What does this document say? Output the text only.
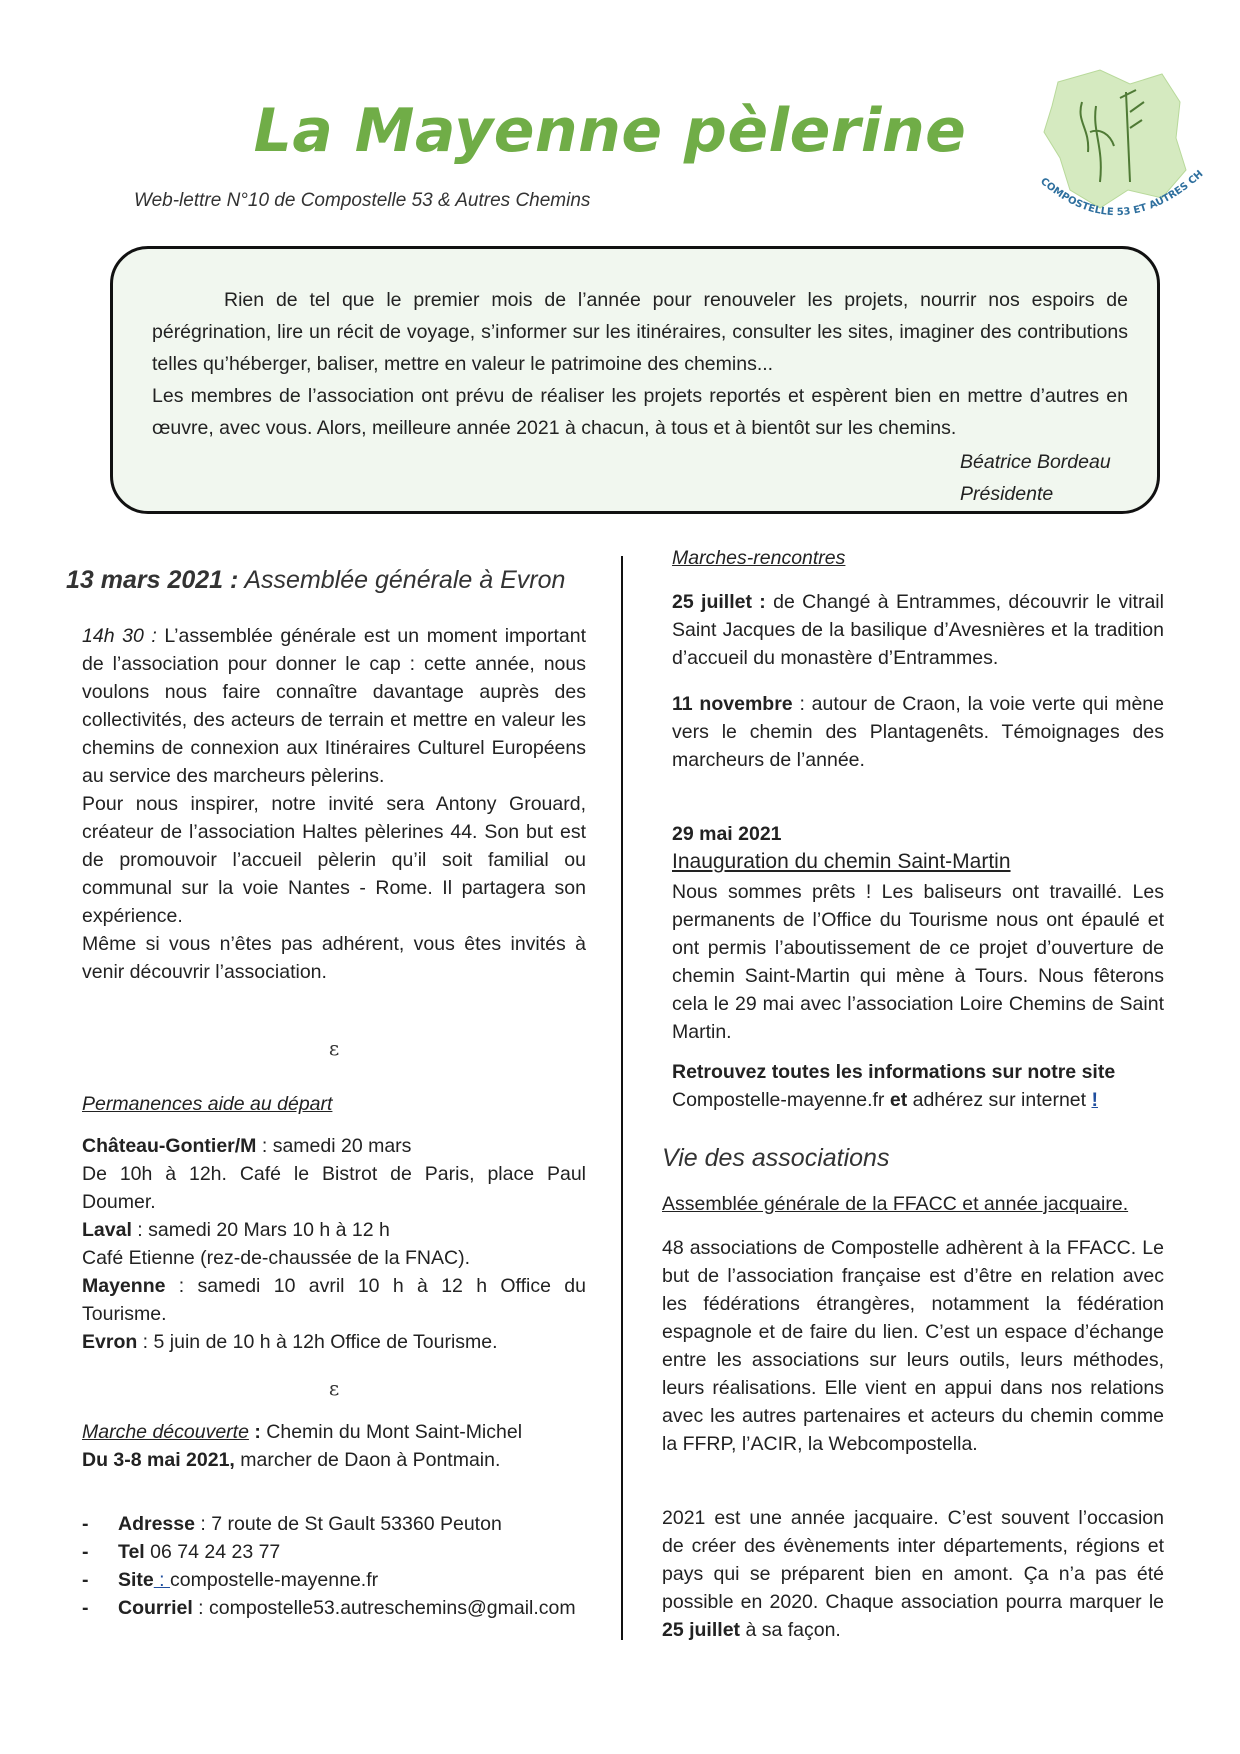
La Mayenne pèlerine
Web-lettre N°10 de Compostelle 53 & Autres Chemins
COMPOSTELLE 53 ET AUTRES CH

Rien de tel que le premier mois de l’année pour renouveler les projets, nourrir nos espoirs de pérégrination, lire un récit de voyage, s’informer sur les itinéraires, consulter les sites, imaginer des contributions telles qu’héberger, baliser, mettre en valeur le patrimoine des chemins...

Les membres de l’association ont prévu de réaliser les projets reportés et espèrent bien en mettre d’autres en œuvre, avec vous. Alors, meilleure année 2021 à chacun, à tous et à bientôt sur les chemins.

Béatrice Bordeau
Présidente
13 mars 2021 : Assemblée générale à Evron

14h 30 : L’assemblée générale est un moment important de l’association pour donner le cap : cette année, nous voulons nous faire connaître davantage auprès des collectivités, des acteurs de terrain et mettre en valeur les chemins de connexion aux Itinéraires Culturel Européens au service des marcheurs pèlerins.

Pour nous inspirer, notre invité sera Antony Grouard, créateur de l’association Haltes pèlerines 44. Son but est de promouvoir l’accueil pèlerin qu’il soit familial ou communal sur la voie Nantes - Rome. Il partagera son expérience.

Même si vous n’êtes pas adhérent, vous êtes invités à venir découvrir l’association.

ε
Permanences aide au départ

Château-Gontier/M : samedi 20 mars

De 10h à 12h. Café le Bistrot de Paris, place Paul Doumer.

Laval : samedi 20 Mars 10 h à 12 h

Café Etienne (rez-de-chaussée de la FNAC).

Mayenne : samedi 10 avril 10 h à 12 h Office du Tourisme.

Evron : 5 juin de 10 h à 12h Office de Tourisme.

ε

Marche découverte : Chemin du Mont Saint-Michel

Du 3-8 mai 2021, marcher de Daon à Pontmain.

-	Adresse : 7 route de St Gault 53360 Peuton
-	Tel 06 74 24 23 77
-	Site : compostelle-mayenne.fr
-	Courriel : compostelle53.autreschemins@gmail.com
Marches-rencontres

25 juillet : de Changé à Entrammes, découvrir le vitrail Saint Jacques de la basilique d’Avesnières et la tradition d’accueil du monastère d’Entrammes.

11 novembre : autour de Craon, la voie verte qui mène vers le chemin des Plantagenêts. Témoignages des marcheurs de l’année.

29 mai 2021

Inauguration du chemin Saint-Martin

Nous sommes prêts ! Les baliseurs ont travaillé. Les permanents de l’Office du Tourisme nous ont épaulé et ont permis l’aboutissement de ce projet d’ouverture de chemin Saint-Martin qui mène à Tours. Nous fêterons cela le 29 mai avec l’association Loire Chemins de Saint Martin.

Retrouvez toutes les informations sur notre site

Compostelle-mayenne.fr et adhérez sur internet !

Vie des associations
Assemblée générale de la FFACC et année jacquaire.
48 associations de Compostelle adhèrent à la FFACC. Le but de l’association française est d’être en relation avec les fédérations étrangères, notamment la fédération espagnole et de faire du lien. C’est un espace d’échange entre les associations sur leurs outils, leurs méthodes, leurs réalisations. Elle vient en appui dans nos relations avec les autres partenaires et acteurs du chemin comme la FFRP, l’ACIR, la Webcompostella.

2021 est une année jacquaire. C’est souvent l’occasion de créer des évènements inter départements, régions et pays qui se préparent bien en amont. Ça n’a pas été possible en 2020. Chaque association pourra marquer le 25 juillet à sa façon.
